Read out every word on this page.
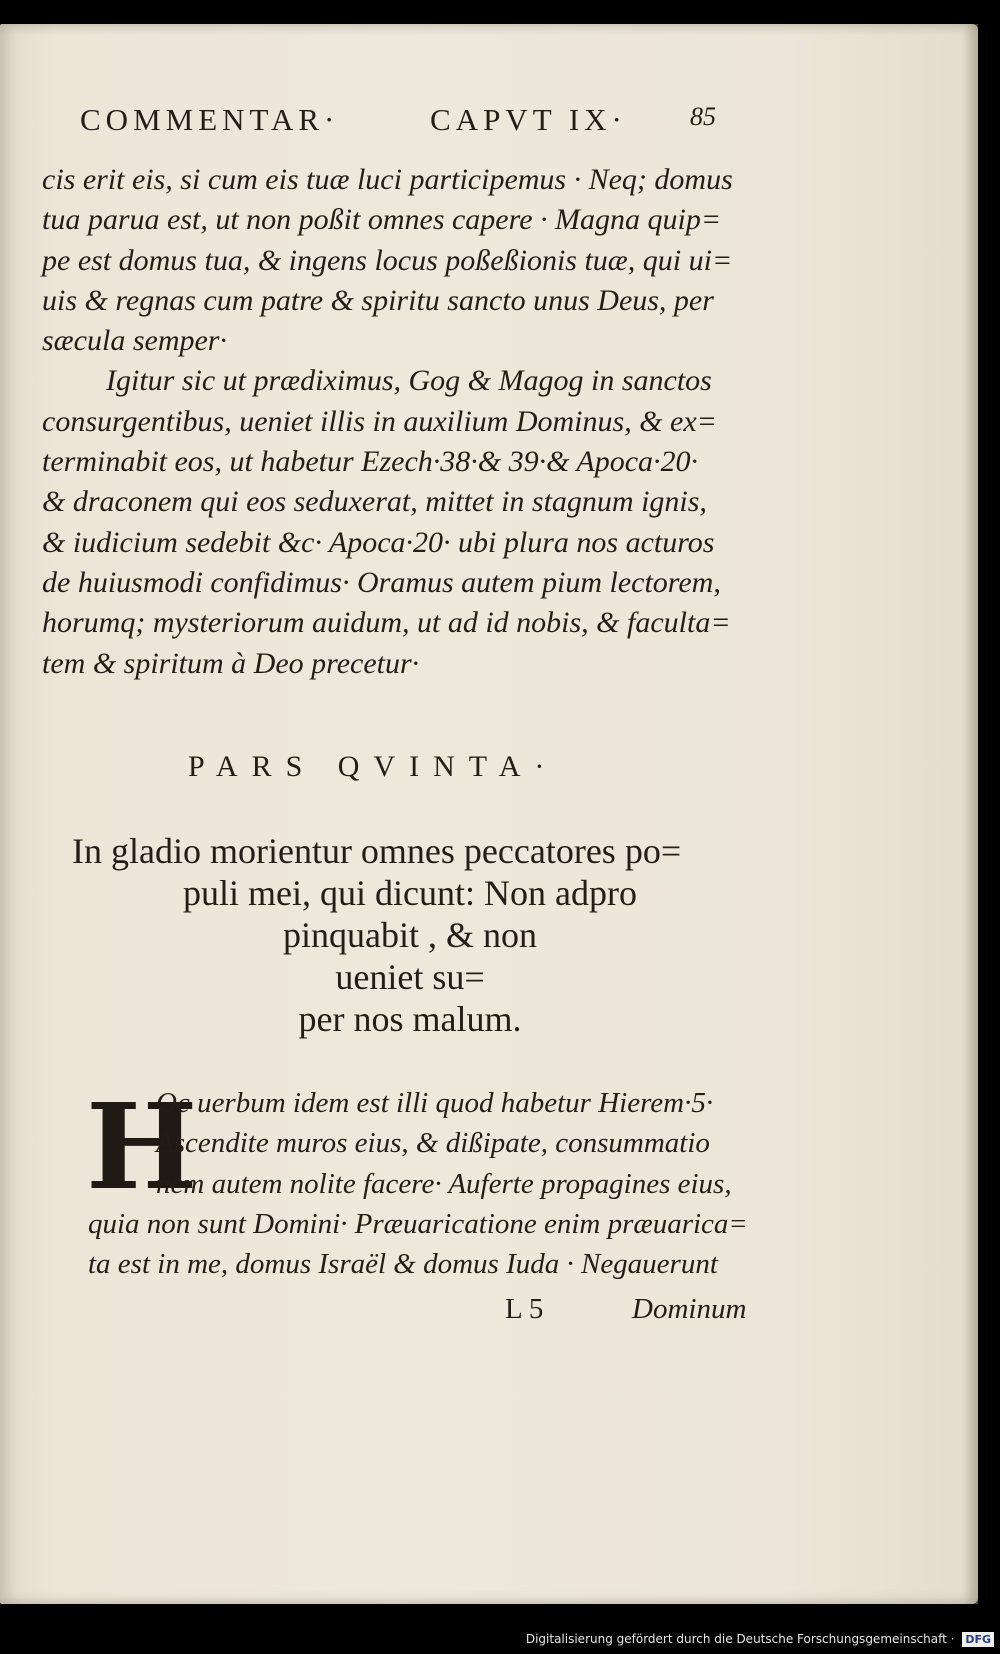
COMMENTAR·	CAPVT IX· 85
cis erit eis, si cum eis tuæ luci participemus · Neq; domus
tua parua est, ut non poßit omnes capere · Magna quip=
pe est domus tua, & ingens locus poßeßionis tuæ, qui ui=
uis & regnas cum patre & spiritu sancto unus Deus, per
sæcula semper·
Igitur sic ut prædiximus, Gog & Magog in sanctos
consurgentibus, ueniet illis in auxilium Dominus, & ex=
terminabit eos, ut habetur Ezech·38·& 39·& Apoca·20·
& draconem qui eos seduxerat, mittet in stagnum ignis,
& iudicium sedebit &c· Apoca·20· ubi plura nos acturos
de huiusmodi confidimus· Oramus autem pium lectorem,
horumq; mysteriorum auidum, ut ad id nobis, & faculta=
tem & spiritum à Deo precetur·
PARS QVINTA·
In gladio morientur omnes peccatores po=
puli mei, qui dicunt: Non adpro
pinquabit , & non
ueniet su=
per nos malum.
H
Oc uerbum idem est illi quod habetur Hierem·5·
Ascendite muros eius, & dißipate, consummatio
nem autem nolite facere· Auferte propagines eius,
quia non sunt Domini· Præuaricatione enim præuarica=
ta est in me, domus Israël & domus Iuda · Negauerunt
L 5	Dominum
Digitalisierung gefördert durch die Deutsche Forschungsgemeinschaft · DFG
